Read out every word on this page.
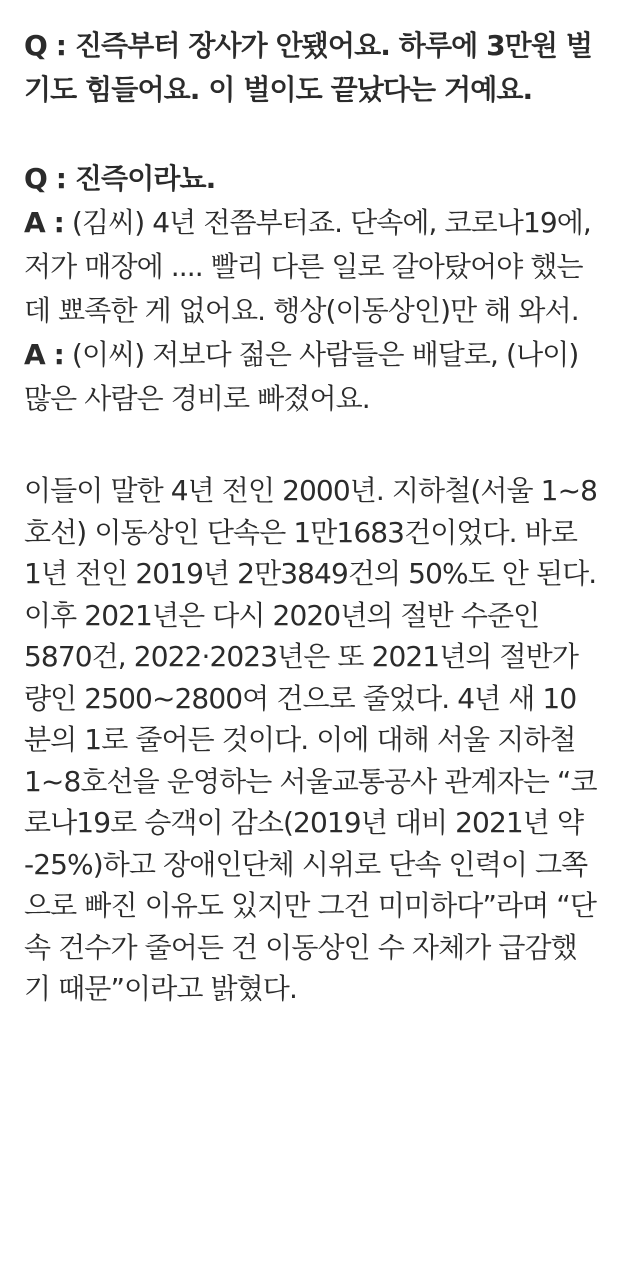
Q : 진즉부터 장사가 안됐어요. 하루에 3만원 벌
기도 힘들어요. 이 벌이도 끝났다는 거예요.
Q : 진즉이라뇨.
A : (김씨) 4년 전쯤부터죠. 단속에, 코로나19에,
저가 매장에 .... 빨리 다른 일로 갈아탔어야 했는
데 뾰족한 게 없어요. 행상(이동상인)만 해 와서.
A : (이씨) 저보다 젊은 사람들은 배달로, (나이)
많은 사람은 경비로 빠졌어요.
이들이 말한 4년 전인 2000년. 지하철(서울 1~8
호선) 이동상인 단속은 1만1683건이었다. 바로
1년 전인 2019년 2만3849건의 50%도 안 된다.
이후 2021년은 다시 2020년의 절반 수준인
5870건, 2022·2023년은 또 2021년의 절반가
량인 2500~2800여 건으로 줄었다. 4년 새 10
분의 1로 줄어든 것이다. 이에 대해 서울 지하철
1~8호선을 운영하는 서울교통공사 관계자는 “코
로나19로 승객이 감소(2019년 대비 2021년 약
-25%)하고 장애인단체 시위로 단속 인력이 그쪽
으로 빠진 이유도 있지만 그건 미미하다”라며 “단
속 건수가 줄어든 건 이동상인 수 자체가 급감했
기 때문”이라고 밝혔다.
